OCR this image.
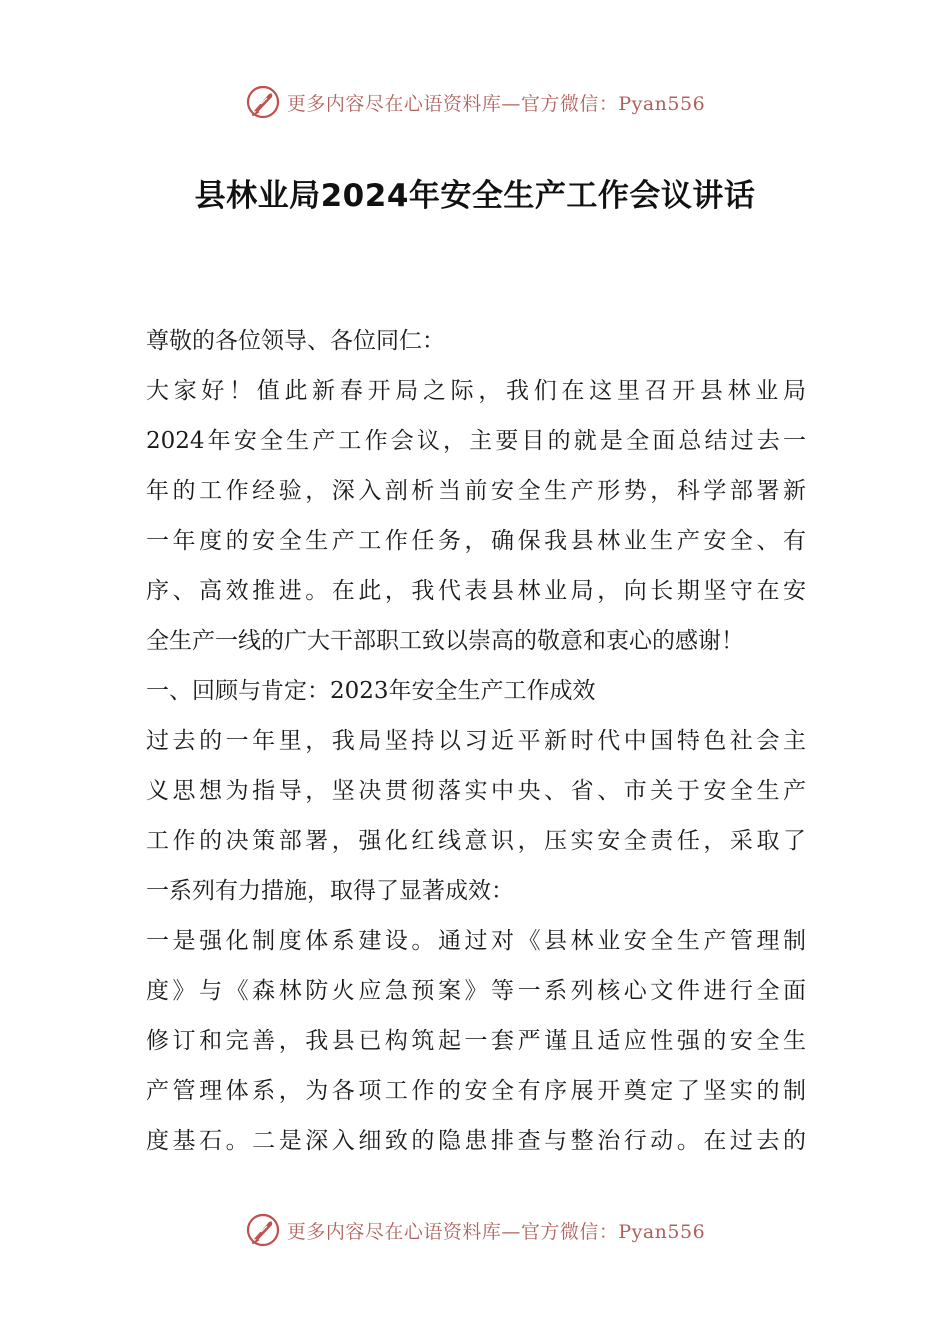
更多内容尽在心语资料库—官方微信：Pyan556
县林业局2024年安全生产工作会议讲话
尊敬的各位领导、各位同仁：
大家好！值此新春开局之际，我们在这里召开县林业局
2024年安全生产工作会议，主要目的就是全面总结过去一
年的工作经验，深入剖析当前安全生产形势，科学部署新
一年度的安全生产工作任务，确保我县林业生产安全、有
序、高效推进。在此，我代表县林业局，向长期坚守在安
全生产一线的广大干部职工致以崇高的敬意和衷心的感谢！
一、回顾与肯定：2023年安全生产工作成效
过去的一年里，我局坚持以习近平新时代中国特色社会主
义思想为指导，坚决贯彻落实中央、省、市关于安全生产
工作的决策部署，强化红线意识，压实安全责任，采取了
一系列有力措施，取得了显著成效：
一是强化制度体系建设。通过对《县林业安全生产管理制
度》与《森林防火应急预案》等一系列核心文件进行全面
修订和完善，我县已构筑起一套严谨且适应性强的安全生
产管理体系，为各项工作的安全有序展开奠定了坚实的制
度基石。二是深入细致的隐患排查与整治行动。在过去的
更多内容尽在心语资料库—官方微信：Pyan556
